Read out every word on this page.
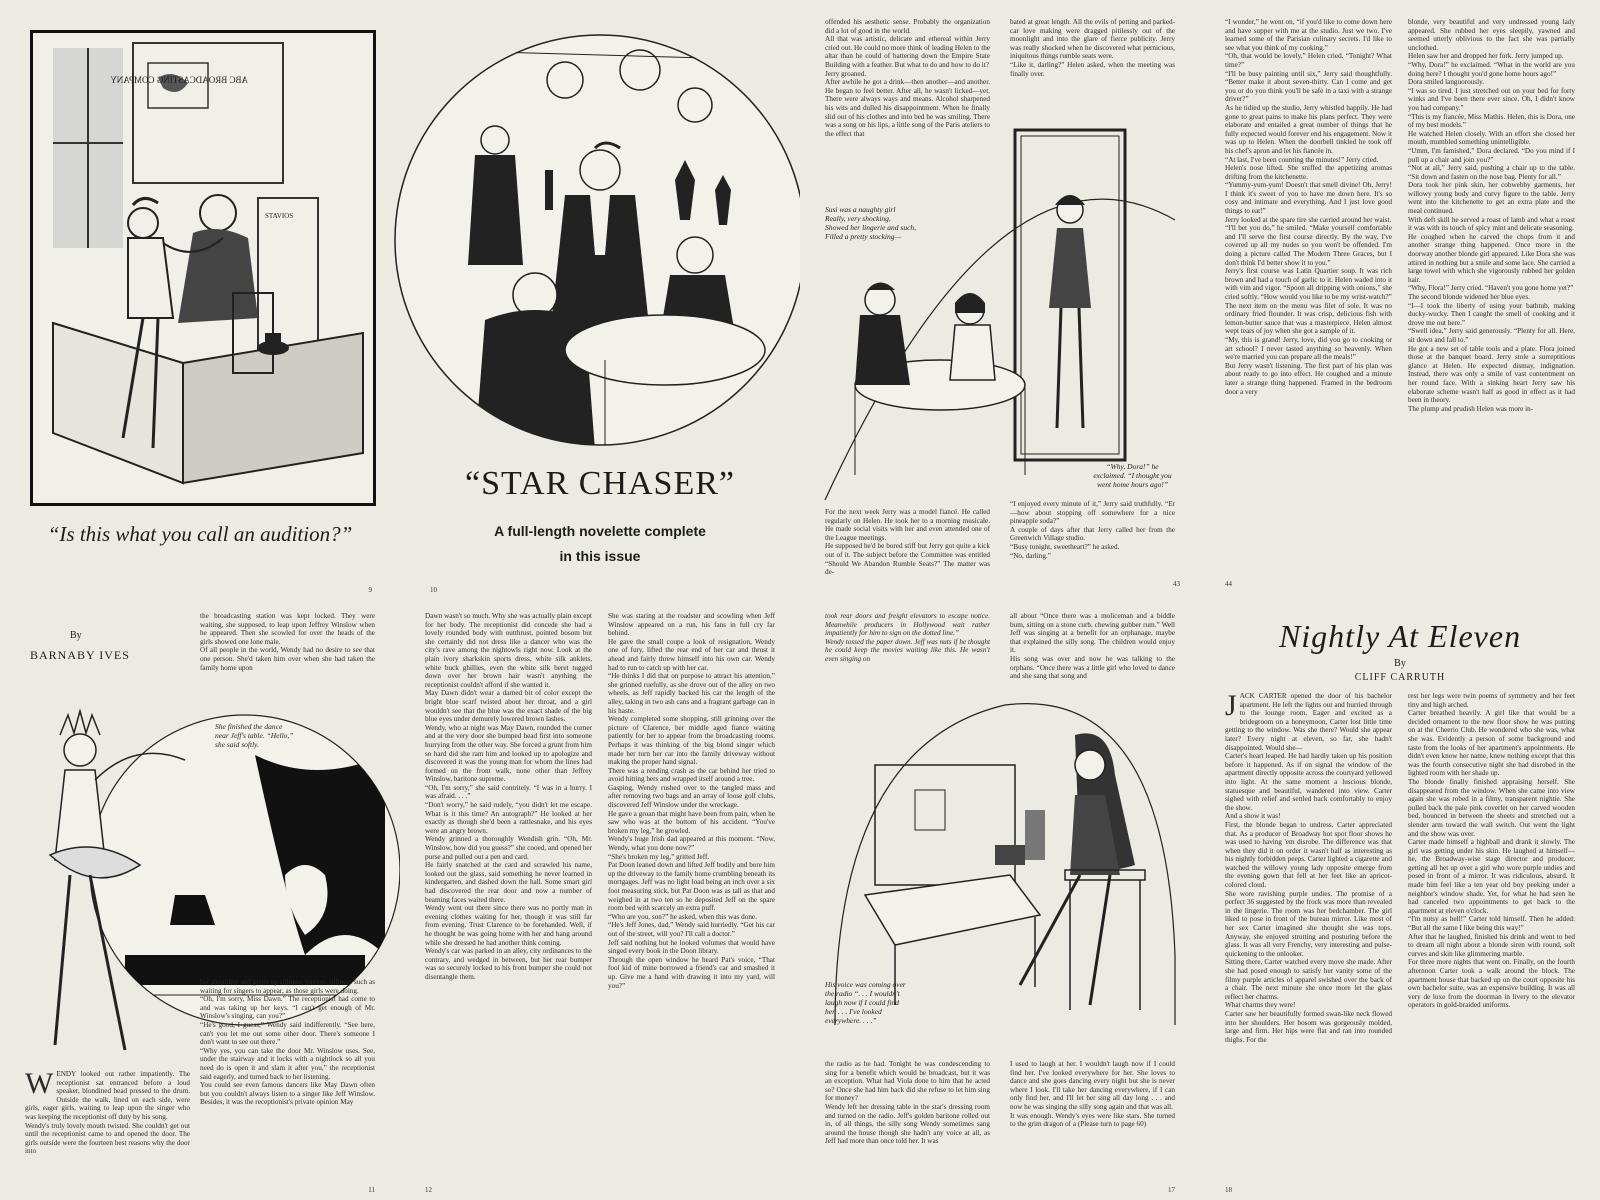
ABC BROADCASTING COMPANY
STAVIOS
“Is this what you call an audition?”
9
“STAR CHASER”
A full-length novelette complete
in this issue
10
offended his aesthetic sense. Probably the organization did a lot of good in the world.
All that was artistic, delicate and ethereal within Jerry cried out. He could no more think of leading Helen to the altar than he could of battering down the Empire State Building with a feather. But what to do and how to do it?
Jerry groaned.
After awhile he got a drink—then another—and another. He began to feel better. After all, he wasn't licked—yet. There were always ways and means. Alcohol sharpened his wits and dulled his disappointment. When he finally slid out of his clothes and into bed he was smiling. There was a song on his lips, a little song of the Paris ateliers to the effect that
bated at great length. All the evils of petting and parked-car love making were dragged pitilessly out of the moonlight and into the glare of fierce publicity. Jerry was really shocked when he discovered what pernicious, iniquitous things rumble seats were.
“Like it, darling?” Helen asked, when the meeting was finally over.
Susi was a naughty girl
Really, very shocking,
Showed her lingerie and such,
Filled a pretty stocking—
“Why, Dora!” he exclaimed. “I thought you went home hours ago!”
For the next week Jerry was a model fiancé. He called regularly on Helen. He took her to a morning musicale. He made social visits with her and even attended one of the League meetings.
He supposed he'd be bored stiff but Jerry got quite a kick out of it. The subject before the Committee was entitled “Should We Abandon Rumble Seats?” The matter was de-
“I enjoyed every minute of it,” Jerry said truthfully. “Er—how about stopping off somewhere for a nice pineapple soda?”
A couple of days after that Jerry called her from the Greenwich Village studio.
“Busy tonight, sweetheart?” he asked.
“No, darling.”
43
“I wonder,” he went on, “if you'd like to come down here and have supper with me at the studio. Just we two. I've learned some of the Parisian culinary secrets. I'd like to see what you think of my cooking.”
“Oh, that would be lovely,” Helen cried. “Tonight? What time?”
“I'll be busy painting until six,” Jerry said thoughtfully. “Better make it about seven-thirty. Can I come and get you or do you think you'll be safe in a taxi with a strange driver?”
As he tidied up the studio, Jerry whistled happily. He had gone to great pains to make his plans perfect. They were elaborate and entailed a great number of things that he fully expected would forever end his engagement. Now it was up to Helen. When the doorbell tinkled he took off his chef's apron and let his fiancée in.
“At last, I've been counting the minutes!” Jerry cried.
Helen's nose lifted. She sniffed the appetizing aromas drifting from the kitchenette.
“Yummy-yum-yum! Doesn't that smell divine! Oh, Jerry! I think it's sweet of you to have me down here. It's so cosy and intimate and everything. And I just love good things to eat!”
Jerry looked at the spare tire she carried around her waist.
“I'll bet you do,” he smiled. “Make yourself comfortable and I'll serve the first course directly. By the way, I've covered up all my nudes so you won't be offended. I'm doing a picture called The Modern Three Graces, but I don't think I'd better show it to you.”
Jerry's first course was Latin Quartier soup. It was rich brown and had a touch of garlic to it. Helen waded into it with vim and vigor. “Spoon all dripping with onions,” she cried softly. “How would you like to be my wrist-watch?”
The next item on the menu was filet of sole. It was no ordinary fried flounder. It was crisp, delicious fish with lemon-butter sauce that was a masterpiece. Helen almost wept tears of joy when she got a sample of it.
“My, this is grand! Jerry, love, did you go to cooking or art school? I never tasted anything so heavenly. When we're married you can prepare all the meals!”
But Jerry wasn't listening. The first part of his plan was about ready to go into effect. He coughed and a minute later a strange thing happened. Framed in the bedroom door a very
blonde, very beautiful and very undressed young lady appeared. She rubbed her eyes sleepily, yawned and seemed utterly oblivious to the fact she was partially unclothed.
Helen saw her and dropped her fork. Jerry jumped up.
“Why, Dora!” he exclaimed. “What in the world are you doing here? I thought you'd gone home hours ago!”
Dora smiled languorously.
“I was so tired. I just stretched out on your bed for forty winks and I've been there ever since. Oh, I didn't know you had company.”
“This is my fiancée, Miss Mathis. Helen, this is Dora, one of my best models.”
He watched Helen closely. With an effort she closed her mouth, mumbled something unintelligible.
“Umm, I'm famished,” Dora declared. “Do you mind if I pull up a chair and join you?”
“Not at all,” Jerry said, pushing a chair up to the table. “Sit down and fasten on the nose bag. Plenty for all.”
Dora took her pink skin, her cobwebby garments, her willowy young body and curvy figure to the table. Jerry went into the kitchenette to get an extra plate and the meal continued.
With deft skill he served a roast of lamb and what a roast it was with its touch of spicy mint and delicate seasoning.
He coughed when he carved the chops from it and another strange thing happened. Once more in the doorway another blonde girl appeared. Like Dora she was attired in nothing but a smile and some lace. She carried a large towel with which she vigorously rubbed her golden hair.
“Why, Flora!” Jerry cried. “Haven't you gone home yet?”
The second blonde widened her blue eyes.
“I—I took the liberty of using your bathtub, making ducky-wucky. Then I caught the smell of cooking and it drove me out here.”
“Swell idea,” Jerry said generously. “Plenty for all. Here, sit down and fall to.”
He got a new set of table tools and a plate. Flora joined those at the banquet board. Jerry stole a surreptitious glance at Helen. He expected dismay, indignation. Instead, there was only a smile of vast contentment on her round face. With a sinking heart Jerry saw his elaborate scheme wasn't half as good in effect as it had been in theory.
The plump and prudish Helen was more in-
44
By
BARNABY IVES
the broadcasting station was kept locked. They were waiting, she supposed, to leap upon Jeffrey Winslow when he appeared. Then she scowled for over the heads of the girls showed one lone male.
Of all people in the world, Wendy had no desire to see that one person. She'd taken him over when she had taken the family home upon
She finished the dance near Jeff's table. “Hello,” she said softly.
her shoulders and given up silliness forever, silliness such as waiting for singers to appear, as those girls were doing.
“Oh, I'm sorry, Miss Dawn.” The receptionist had come to and was taking up her keys. “I can't get enough of Mr. Winslow's singing, can you?”
“He's good, I guess,” Wendy said indifferently. “See here, can't you let me out some other door. There's someone I don't want to see out there.”
“Why yes, you can take the door Mr. Winslow uses. See, under the stairway and it locks with a nightlock so all you need do is open it and slam it after you,” the receptionist said eagerly, and turned back to her listening.
You could see even famous dancers like May Dawn often but you couldn't always listen to a singer like Jeff Winslow. Besides, it was the receptionist's private opinion May
WENDY looked out rather impatiently. The receptionist sat entranced before a loud speaker, blondined head pressed to the drum. Outside the walk, lined on each side, were girls, eager girls, waiting to leap upon the singer who was keeping the receptionist off duty by his song.
Wendy's truly lovely mouth twisted. She couldn't get out until the receptionist came to and opened the door. The girls outside were the fourteen best reasons why the door into
11
Dawn wasn't so much. Why she was actually plain except for her body. The receptionist did concede she had a lovely rounded body with outthrust, pointed bosom but she certainly did not dress like a dancer who was the city's rave among the nightowls right now. Look at the plain ivory sharkskin sports dress, white silk anklets, white buck ghillies, even the white silk beret tugged down over her brown hair wasn't anything the receptionist couldn't afford if she wanted it.
May Dawn didn't wear a darned bit of color except the bright blue scarf twisted about her throat, and a girl wouldn't see that the blue was the exact shade of the big blue eyes under demurely lowered brown lashes.
Wendy, who at night was May Dawn, rounded the corner and at the very door she bumped head first into someone hurrying from the other way. She forced a grunt from him so hard did she ram him and looked up to apologize and discovered it was the young man for whom the lines had formed on the front walk, none other than Jeffrey Winslow, baritone supreme.
“Oh, I'm sorry,” she said contritely. “I was in a hurry. I was afraid. . . .”
“Don't worry,” he said rudely, “you didn't let me escape. What is it this time? An autograph?” He looked at her exactly as though she'd been a rattlesnake, and his eyes were an angry brown.
Wendy grinned a thoroughly Wendish grin. “Oh, Mr. Winslow, how did you guess?” she cooed, and opened her purse and pulled out a pen and card.
He fairly snatched at the card and scrawled his name, looked out the glass, said something he never learned in kindergarten, and dashed down the hall. Some smart girl had discovered the rear door and now a number of beaming faces waited there.
Wendy went out there since there was no portly man in evening clothes waiting for her, though it was still far from evening. Trust Clarence to be forehanded. Well, if he thought he was going home with her and hang around while she dressed he had another think coming.
Wendy's car was parked in an alley, city ordinances to the contrary, and wedged in between, but her rear bumper was so securely locked to his front bumper she could not disentangle them.
She was staring at the roadster and scowling when Jeff Winslow appeared on a run, his fans in full cry far behind.
He gave the small coupe a look of resignation, Wendy one of fury, lifted the rear end of her car and thrust it ahead and fairly threw himself into his own car. Wendy had to run to catch up with her car.
“He thinks I did that on purpose to attract his attention,” she grinned ruefully, as she drove out of the alley on two wheels, as Jeff rapidly backed his car the length of the alley, taking in two ash cans and a fragrant garbage can in his haste.
Wendy completed some shopping, still grinning over the picture of Clarence, her middle aged fiance waiting patiently for her to appear from the broadcasting rooms. Perhaps it was thinking of the big blond singer which made her turn her car into the family driveway without making the proper hand signal.
There was a rending crash as the car behind her tried to avoid hitting hers and wrapped itself around a tree.
Gasping, Wendy rushed over to the tangled mass and after removing two bags and an array of loose golf clubs, discovered Jeff Winslow under the wreckage.
He gave a groan that might have been from pain, when he saw who was at the bottom of his accident. “You've broken my leg,” he growled.
Wendy's huge Irish dad appeared at this moment. “Now, Wendy, what you done now?”
“She's broken my leg,” gritted Jeff.
Pat Doon leaned down and lifted Jeff bodily and bore him up the driveway to the family home crumbling beneath its mortgages. Jeff was no light load being an inch over a six foot measuring stick, but Pat Doon was as tall as that and weighed in at two ten so he deposited Jeff on the spare room bed with scarcely an extra puff.
“Who are you, son?” he asked, when this was done.
“He's Jeff Jones, dad,” Wendy said hurriedly. “Get his car out of the street, will you? I'll call a doctor.”
Jeff said nothing but he looked volumes that would have singed every book in the Doon library.
Through the open window he heard Pat's voice, “That fool kid of mine borrowed a friend's car and smashed it up. Give me a hand with drawing it into my yard, will you?”
12
took rear doors and freight elevators to escape notice. Meanwhile producers in Hollywood wait rather impatiently for him to sign on the dotted line.”
Wendy tossed the paper down. Jeff was nuts if he thought he could keep the movies waiting like this. He wasn't even singing on
all about “Once there was a moliceman and a biddle bum, sitting on a stone curb, chewing gubber rum.” Well Jeff was singing at a benefit for an orphanage, maybe that explained the silly song. The children would enjoy it.
His song was over and now he was talking to the orphans. “Once there was a little girl who loved to dance and she sang that song and
His voice was coming over the radio “. . . I wouldn't laugh now if I could find her. . . . I've looked everywhere. . . .”
the radio as he had. Tonight he was condescending to sing for a benefit which would be broadcast, but it was an exception. What had Viola done to him that he acted so? Once she had him back did she refuse to let him sing for money?
Wendy left her dressing table in the star's dressing room and turned on the radio. Jeff's golden baritone rolled out in, of all things, the silly song Wendy sometimes sang around the house though she hadn't any voice at all, as Jeff had more than once told her. It was
I used to laugh at her. I wouldn't laugh now if I could find her. I've looked everywhere for her. She loves to dance and she goes dancing every night but she is never where I look. I'll take her dancing everywhere, if I can only find her, and I'll let her sing all day long . . . and now he was singing the silly song again and that was all.
It was enough. Wendy's eyes were like stars. She turned to the grim dragon of a (Please turn to page 60)
17
Nightly At Eleven
By
CLIFF CARRUTH
JACK CARTER opened the door of his bachelor apartment. He left the lights out and hurried through to the lounge room. Eager and excited as a bridegroom on a honeymoon, Carter lost little time getting to the window. Was she there? Would she appear later? Every night at eleven, so far, she hadn't disappointed. Would she—
Carter's heart leaped. He had hardly taken up his position before it happened. As if on signal the window of the apartment directly opposite across the courtyard yellowed into light. At the same moment a luscious blonde, statuesque and beautiful, wandered into view. Carter sighed with relief and settled back comfortably to enjoy the show.
And a show it was!
First, the blonde began to undress. Carter appreciated that. As a producer of Broadway hot spot floor shows he was used to having 'em disrobe. The difference was that when they did it on order it wasn't half as interesting as his nightly forbidden peeps. Carter lighted a cigarette and watched the willowy young lady opposite emerge from the evening gown that fell at her feet like an apricot-colored cloud.
She wore ravishing purple undies. The promise of a perfect 36 suggested by the frock was more than revealed in the lingerie. The room was her bedchamber. The girl liked to pose in front of the bureau mirror. Like most of her sex Carter imagined she thought she was tops. Anyway, she enjoyed strutting and posturing before the glass. It was all very Frenchy, very interesting and pulse-quickening to the onlooker.
Sitting there, Carter watched every move she made. After she had posed enough to satisfy her vanity some of the filmy purple articles of apparel swished over the back of a chair. The next minute she once more let the glass reflect her charms.
What charms they were!
Carter saw her beautifully formed swan-like neck flowed into her shoulders. Her bosom was gorgeously molded, large and firm. Her hips were flat and ran into rounded thighs. For the
rest her legs were twin poems of symmetry and her feet tiny and high arched.
Carter breathed heavily. A girl like that would be a decided ornament to the new floor show he was putting on at the Cheerio Club. He wondered who she was, what she was. Evidently a person of some background and taste from the looks of her apartment's appointments. He didn't even know her name, knew nothing except that this was the fourth consecutive night she had disrobed in the lighted room with her shade up.
The blonde finally finished appraising herself. She disappeared from the window. When she came into view again she was robed in a filmy, transparent nightie. She pulled back the pale pink coverlet on her carved wooden bed, bounced in between the sheets and stretched out a slender arm toward the wall switch. Out went the light and the show was over.
Carter made himself a highball and drank it slowly. The girl was getting under his skin. He laughed at himself—he, the Broadway-wise stage director and producer, getting all het up over a girl who wore purple undies and posed in front of a mirror. It was ridiculous, absurd. It made him feel like a ten year old boy peeking under a neighbor's window shade. Yet, for what he had seen he had canceled two appointments to get back to the apartment at eleven o'clock.
“I'm nutsy as hell!” Carter told himself. Then he added: “But all the same I like being this way!”
After that he laughed, finished his drink and went to bed to dream all night about a blonde siren with round, soft curves and skin like glimmering marble.
For three more nights that went on. Finally, on the fourth afternoon Carter took a walk around the block. The apartment house that backed up on the court opposite his own bachelor suite, was an expensive building. It was all very de luxe from the doorman in livery to the elevator operators in gold-braided uniforms.
18
